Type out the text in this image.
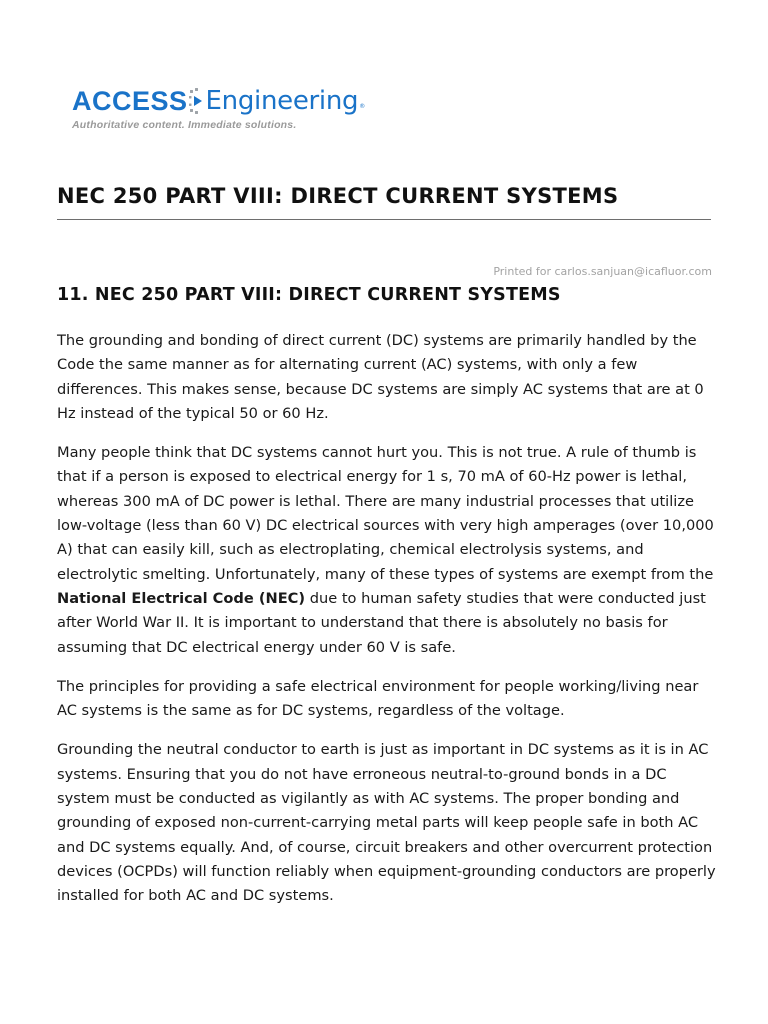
ACCESS Engineering ®
Authoritative content. Immediate solutions.
NEC 250 PART VIII: DIRECT CURRENT SYSTEMS
Printed for carlos.sanjuan@icafluor.com
11. NEC 250 PART VIII: DIRECT CURRENT SYSTEMS

The grounding and bonding of direct current (DC) systems are primarily handled by the Code the same manner as for alternating current (AC) systems, with only a few differences. This makes sense, because DC systems are simply AC systems that are at 0 Hz instead of the typical 50 or 60 Hz.

Many people think that DC systems cannot hurt you. This is not true. A rule of thumb is that if a person is exposed to electrical energy for 1 s, 70 mA of 60-Hz power is lethal, whereas 300 mA of DC power is lethal. There are many industrial processes that utilize low-voltage (less than 60 V) DC electrical sources with very high amperages (over 10,000 A) that can easily kill, such as electroplating, chemical electrolysis systems, and electrolytic smelting. Unfortunately, many of these types of systems are exempt from the National Electrical Code (NEC) due to human safety studies that were conducted just after World War II. It is important to understand that there is absolutely no basis for assuming that DC electrical energy under 60 V is safe.

The principles for providing a safe electrical environment for people working/living near AC systems is the same as for DC systems, regardless of the voltage.

Grounding the neutral conductor to earth is just as important in DC systems as it is in AC systems. Ensuring that you do not have erroneous neutral-to-ground bonds in a DC system must be conducted as vigilantly as with AC systems. The proper bonding and grounding of exposed non-current-carrying metal parts will keep people safe in both AC and DC systems equally. And, of course, circuit breakers and other overcurrent protection devices (OCPDs) will function reliably when equipment-grounding conductors are properly installed for both AC and DC systems.
